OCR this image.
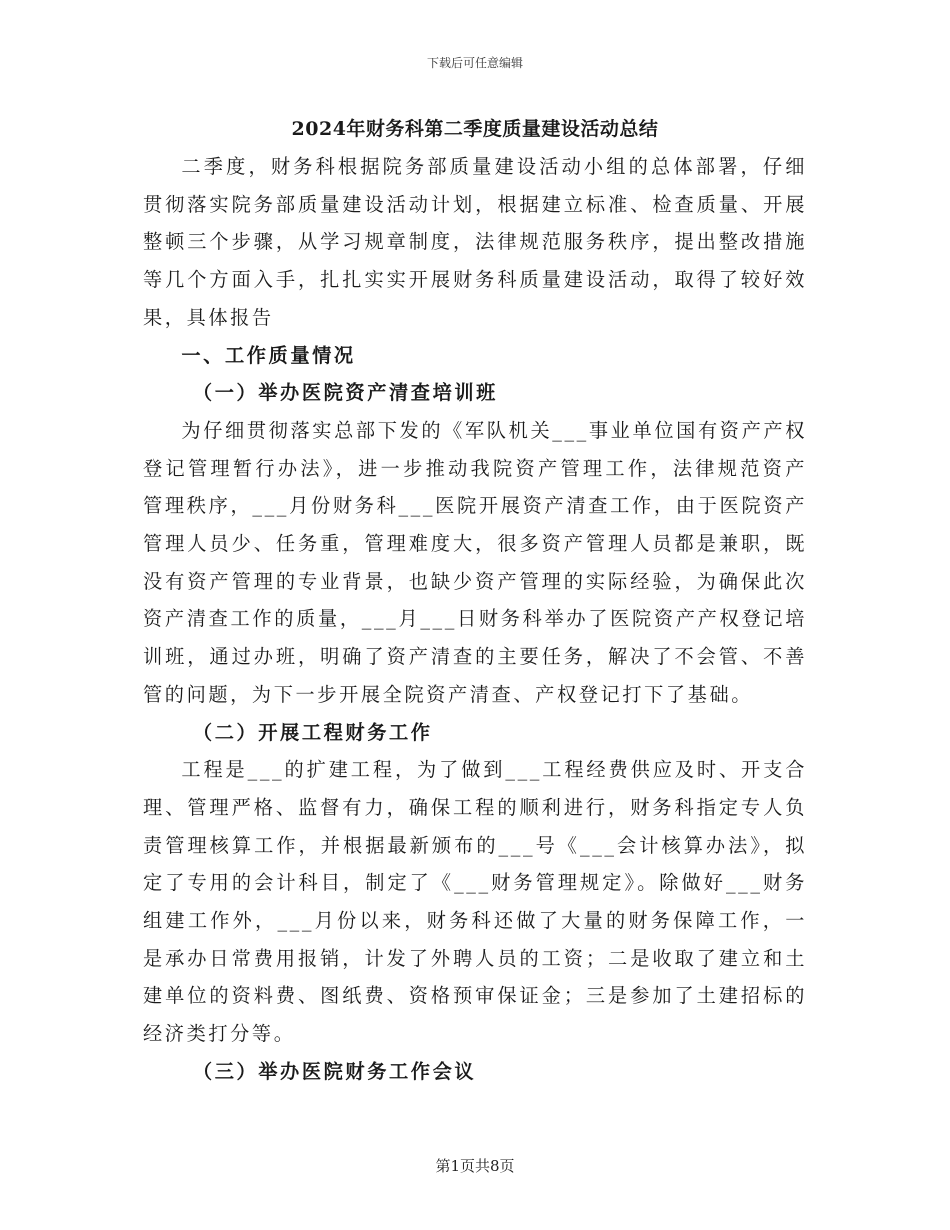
下载后可任意编辑
2024年财务科第二季度质量建设活动总结

二季度，财务科根据院务部质量建设活动小组的总体部署，仔细贯彻落实院务部质量建设活动计划，根据建立标准、检查质量、开展整顿三个步骤，从学习规章制度，法律规范服务秩序，提出整改措施等几个方面入手，扎扎实实开展财务科质量建设活动，取得了较好效果，具体报告

一、工作质量情况

（一）举办医院资产清查培训班

为仔细贯彻落实总部下发的《军队机关___事业单位国有资产产权登记管理暂行办法》，进一步推动我院资产管理工作，法律规范资产管理秩序，___月份财务科___医院开展资产清查工作，由于医院资产管理人员少、任务重，管理难度大，很多资产管理人员都是兼职，既没有资产管理的专业背景，也缺少资产管理的实际经验，为确保此次资产清查工作的质量，___月___日财务科举办了医院资产产权登记培训班，通过办班，明确了资产清查的主要任务，解决了不会管、不善管的问题，为下一步开展全院资产清查、产权登记打下了基础。

（二）开展工程财务工作

工程是___的扩建工程，为了做到___工程经费供应及时、开支合理、管理严格、监督有力，确保工程的顺利进行，财务科指定专人负责管理核算工作，并根据最新颁布的___号《___会计核算办法》，拟定了专用的会计科目，制定了《___财务管理规定》。除做好___财务组建工作外，___月份以来，财务科还做了大量的财务保障工作，一是承办日常费用报销，计发了外聘人员的工资；二是收取了建立和土建单位的资料费、图纸费、资格预审保证金；三是参加了土建招标的经济类打分等。

（三）举办医院财务工作会议

第1页共8页
